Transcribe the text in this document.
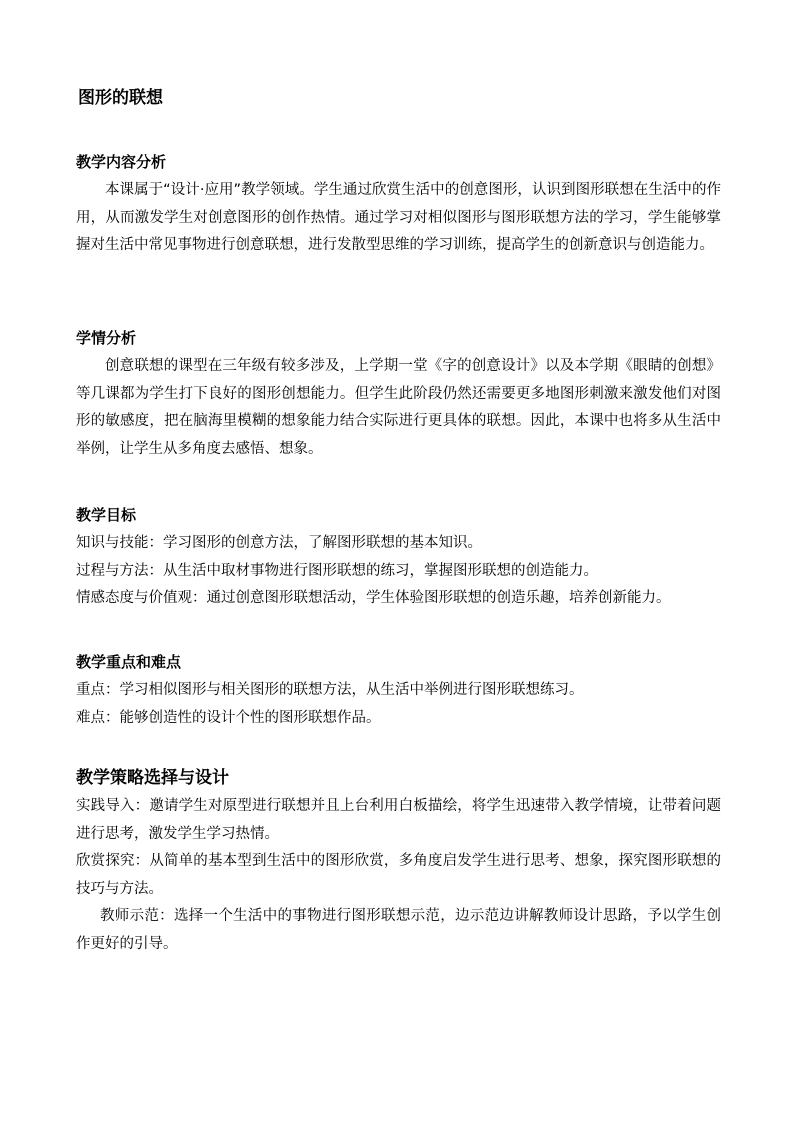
图形的联想
教学内容分析

本课属于“设计·应用”教学领域。学生通过欣赏生活中的创意图形，认识到图形联想在生活中的作用，从而激发学生对创意图形的创作热情。通过学习对相似图形与图形联想方法的学习，学生能够掌握对生活中常见事物进行创意联想，进行发散型思维的学习训练，提高学生的创新意识与创造能力。

学情分析

创意联想的课型在三年级有较多涉及，上学期一堂《字的创意设计》以及本学期《眼睛的创想》等几课都为学生打下良好的图形创想能力。但学生此阶段仍然还需要更多地图形刺激来激发他们对图形的敏感度，把在脑海里模糊的想象能力结合实际进行更具体的联想。因此，本课中也将多从生活中举例，让学生从多角度去感悟、想象。

教学目标

知识与技能：学习图形的创意方法，了解图形联想的基本知识。

过程与方法：从生活中取材事物进行图形联想的练习，掌握图形联想的创造能力。

情感态度与价值观：通过创意图形联想活动，学生体验图形联想的创造乐趣，培养创新能力。

教学重点和难点

重点：学习相似图形与相关图形的联想方法，从生活中举例进行图形联想练习。

难点：能够创造性的设计个性的图形联想作品。

教学策略选择与设计

实践导入：邀请学生对原型进行联想并且上台利用白板描绘，将学生迅速带入教学情境，让带着问题进行思考，激发学生学习热情。

欣赏探究：从简单的基本型到生活中的图形欣赏，多角度启发学生进行思考、想象，探究图形联想的技巧与方法。

教师示范：选择一个生活中的事物进行图形联想示范，边示范边讲解教师设计思路，予以学生创作更好的引导。
